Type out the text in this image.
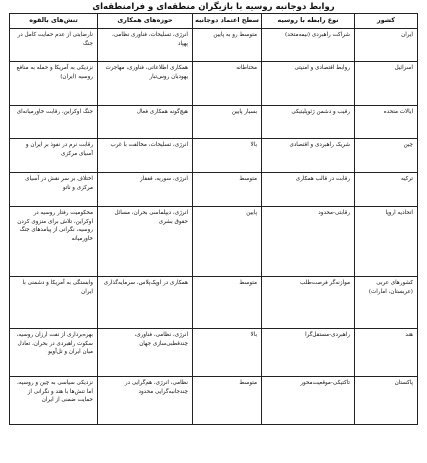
روابط دوجانبه روسیه با بازیگران منطقه‌ای و فرامنطقه‌ای
کشور	نوع رابطه با روسیه	سطح اعتماد دوجانبه	حوزه‌های همکاری	تنش‌های بالقوه
ایران	شراکت راهبردی (نیمه‌متحد)	متوسط رو به پایین	انرژی، تسلیحات، فناوری نظامی، پهپاد	نارضایتی از عدم حمایت کامل در جنگ
اسرائیل	روابط اقتصادی و امنیتی	محتاطانه	همکاری اطلاعاتی، فناوری، مهاجرت یهودیان روس‌تبار	نزدیکی به آمریکا و حمله به منافع روسیه (ایران)
ایالات متحده	رقیب و دشمن ژئوپلیتیکی	بسیار پایین	هیچ‌گونه همکاری فعال	جنگ اوکراین، رقابت خاورمیانه‌ای
چین	شریک راهبردی و اقتصادی	بالا	انرژی، تسلیحات، مخالفت با غرب	رقابت نرم در نفوذ بر ایران و آسیای مرکزی
ترکیه	رقابت در قالب همکاری	متوسط	انرژی، سوریه، قفقاز	اختلاف بر سر نقش در آسیای مرکزی و ناتو
اتحادیه اروپا	رقابتی-محدود	پایین	انرژی، دیپلماسی بحران، مسائل حقوق بشری	محکومیت رفتار روسیه در اوکراین، تلاش برای منزوی کردن روسیه، نگرانی از پیامدهای جنگ خاورمیانه
کشورهای عربی (عربستان، امارات)	موازنه‌گر فرصت‌طلب	متوسط	همکاری در اوپک‌پلاس، سرمایه‌گذاری	وابستگی به آمریکا و دشمنی با ایران
هند	راهبردی-مستقل‌گرا	بالا	انرژی، نظامی، فناوری، چندقطبی‌سازی جهان	بهره‌برداری از نفت ارزان روسیه، سکوت راهبردی در بحران، تعادل میان ایران و تل‌آویو
پاکستان	تاکتیکی-موقعیت‌محور	متوسط	نظامی، انرژی، هم‌گرایی در چندجانبه‌گرایی محدود	نزدیکی سیاسی به چین و روسیه، اما تنش‌ها با هند و نگرانی از حمایت ضمنی از ایران
